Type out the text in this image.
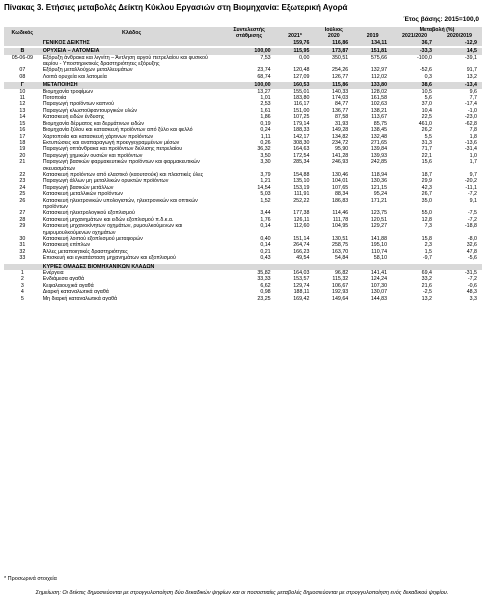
Πίνακας 3. Ετήσιες μεταβολές Δείκτη Κύκλου Εργασιών στη Βιομηχανία: Εξωτερική Αγορά
Έτος βάσης: 2015=100,0
Κωδικός	Κλάδος	Συντελεστής στάθμισης	Ιούλιος			Μεταβολή (%)	
			2021*	2020	2019	2021/2020	2020/2019

	ΓΕΝΙΚΟΣ ΔΕΙΚΤΗΣ		159,76	116,86	134,11	36,7	-12,9

B	ΟΡΥΧΕΙΑ – ΛΑΤΟΜΕΙΑ	100,00	115,95	173,87	151,81	-33,3	14,5
05-06-09	Εξόρυξη άνθρακα και λιγνίτη – Άντληση αργού πετρελαίου και φυσικού αερίου - Υποστηρικτικές δραστηριότητες εξόρυξης	7,53	0,00	350,51	575,66	-100,0	-39,1
07	Εξόρυξη μεταλλούχων μεταλλευμάτων	23,74	120,48	254,26	132,97	-52,6	91,7
08	Λοιπά ορυχεία και λατομεία	68,74	127,09	126,77	112,02	0,3	13,2

Γ	ΜΕΤΑΠΟΙΗΣΗ	100,00	160,53	115,86	133,80	38,6	-13,4
10	Βιομηχανία τροφίμων	13,27	155,01	140,33	128,02	10,5	9,6
11	Ποτοποιία	1,01	183,80	174,03	161,58	5,6	7,7
12	Παραγωγή προϊόντων καπνού	2,53	116,17	84,77	102,63	37,0	-17,4
13	Παραγωγή κλωστοϋφαντουργικών υλών	1,61	151,00	136,77	138,21	10,4	-1,0
14	Κατασκευή ειδών ένδυσης	1,86	107,25	87,58	113,67	22,5	-23,0
15	Βιομηχανία δέρματος και δερμάτινων ειδών	0,19	179,14	31,93	85,75	461,0	-62,8
16	Βιομηχανία ξύλου και κατασκευή προϊόντων από ξύλο και φελλό	0,24	188,33	149,28	138,45	26,2	7,8
17	Χαρτοποιία και κατασκευή χάρτινων προϊόντων	1,11	142,17	134,82	132,48	5,5	1,8
18	Εκτυπώσεις και αναπαραγωγή προεγγεγραμμένων μέσων	0,26	308,30	234,72	271,65	31,3	-13,6
19	Παραγωγή οπτάνθρακα και προϊόντων διύλισης πετρελαίου	36,32	164,63	95,90	139,84	71,7	-31,4
20	Παραγωγή χημικών ουσιών και προϊόντων	3,50	172,54	141,28	139,93	22,1	1,0
21	Παραγωγή βασικών φαρμακευτικών προϊόντων και φαρμακευτικών σκευασμάτων	3,30	285,34	246,93	242,85	15,6	1,7
22	Κατασκευή προϊόντων από ελαστικό (καουτσούκ) και πλαστικές ύλες	3,79	154,88	130,46	118,94	18,7	9,7
23	Παραγωγή άλλων μη μεταλλικών ορυκτών προϊόντων	1,21	135,10	104,01	130,36	29,9	-20,2
24	Παραγωγή βασικών μετάλλων	14,54	153,19	107,65	121,15	42,3	-11,1
25	Κατασκευή μεταλλικών προϊόντων	5,03	111,91	88,34	95,24	26,7	-7,2
26	Κατασκευή ηλεκτρονικών υπολογιστών, ηλεκτρονικών και οπτικών προϊόντων	1,52	252,22	186,83	171,21	35,0	9,1
27	Κατασκευή ηλεκτρολογικού εξοπλισμού	3,44	177,38	114,46	123,75	55,0	-7,5
28	Κατασκευή μηχανημάτων και ειδών εξοπλισμού π.δ.κ.α.	1,76	126,11	111,78	120,51	12,8	-7,2
29	Κατασκευή μηχανοκίνητων οχημάτων, ρυμουλκούμενων και ημιρυμουλκούμενων οχημάτων	0,14	112,60	104,95	129,27	7,3	-18,8
30	Κατασκευή λοιπού εξοπλισμού μεταφορών	0,40	151,14	130,51	141,88	15,8	-8,0
31	Κατασκευή επίπλων	0,14	264,74	258,75	195,10	2,3	32,6
32	Άλλες μεταποιητικές δραστηριότητες	0,21	166,23	163,70	110,74	1,5	47,8
33	Επισκευή και εγκατάσταση μηχανημάτων και εξοπλισμού	0,43	49,54	54,84	58,10	-9,7	-5,6

	ΚΥΡΙΕΣ ΟΜΑΔΕΣ ΒΙΟΜΗΧΑΝΙΚΩΝ ΚΛΑΔΩΝ						
1	Ενέργεια	35,82	164,03	96,82	141,41	69,4	-31,5
2	Ενδιάμεσα αγαθά	33,33	153,57	115,32	124,24	33,2	-7,2
3	Κεφαλαιουχικά αγαθά	6,62	129,74	106,67	107,30	21,6	-0,6
4	Διαρκή καταναλωτικά αγαθά	0,98	188,11	192,93	130,07	-2,5	48,3
5	Μη διαρκή καταναλωτικά αγαθά	23,25	169,42	149,64	144,83	13,2	3,3
* Προσωρινά στοιχεία
Σημείωση: Οι δείκτες δημοσιεύονται με στρογγυλοποίηση δύο δεκαδικών ψηφίων και οι ποσοστιαίες μεταβολές δημοσιεύονται με στρογγυλοποίηση ενός δεκαδικού ψηφίου.
